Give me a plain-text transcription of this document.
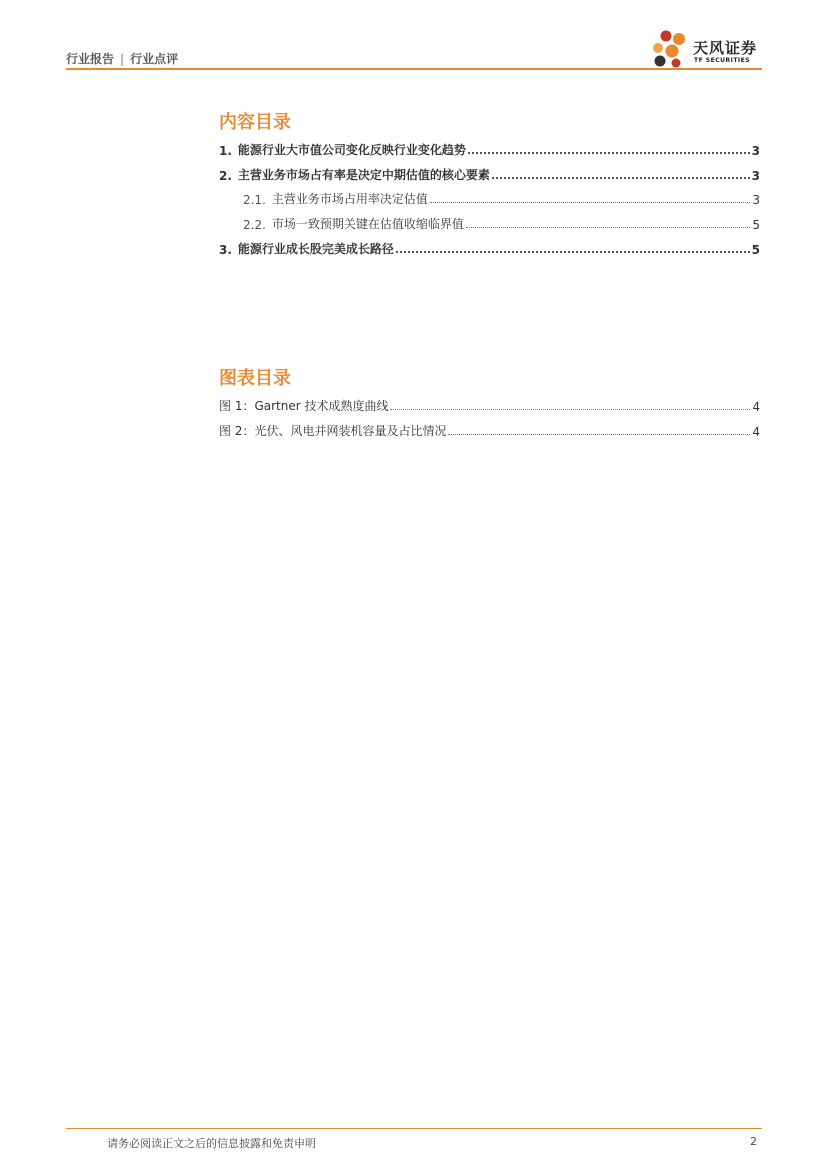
行业报告 | 行业点评
天风证券
TF SECURITIES
内容目录
1. 能源行业大市值公司变化反映行业变化趋势	3
2. 主营业务市场占有率是决定中期估值的核心要素	3
2.1. 主营业务市场占用率决定估值	3
2.2. 市场一致预期关键在估值收缩临界值	5
3. 能源行业成长股完美成长路径	5
图表目录
图 1：Gartner 技术成熟度曲线	4
图 2：光伏、风电并网装机容量及占比情况	4
请务必阅读正文之后的信息披露和免责申明	2
